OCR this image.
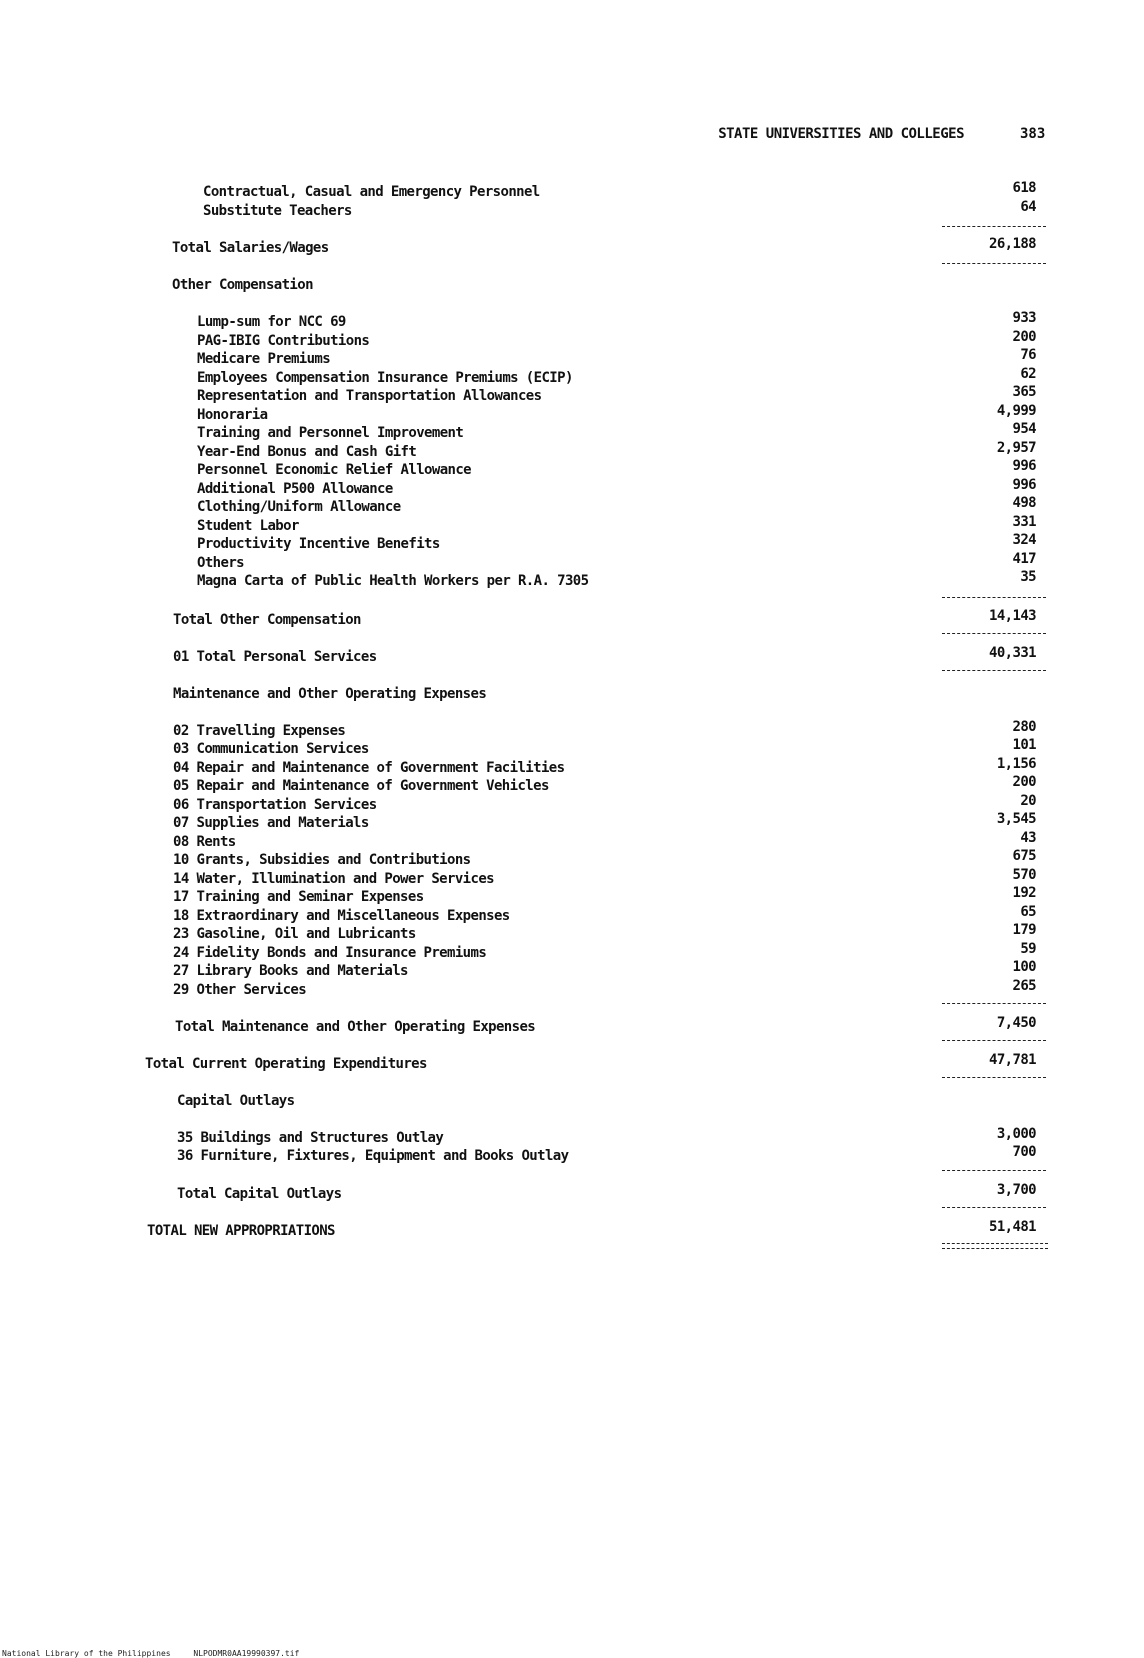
STATE UNIVERSITIES AND COLLEGES	383
Contractual, Casual and Emergency Personnel	618
Substitute Teachers	64
Total Salaries/Wages	26,188
Other Compensation
Lump-sum for NCC 69	933
PAG-IBIG Contributions	200
Medicare Premiums	76
Employees Compensation Insurance Premiums (ECIP)	62
Representation and Transportation Allowances	365
Honoraria	4,999
Training and Personnel Improvement	954
Year-End Bonus and Cash Gift	2,957
Personnel Economic Relief Allowance	996
Additional P500 Allowance	996
Clothing/Uniform Allowance	498
Student Labor	331
Productivity Incentive Benefits	324
Others	417
Magna Carta of Public Health Workers per R.A. 7305	35
Total Other Compensation	14,143
01 Total Personal Services	40,331
Maintenance and Other Operating Expenses
02 Travelling Expenses	280
03 Communication Services	101
04 Repair and Maintenance of Government Facilities	1,156
05 Repair and Maintenance of Government Vehicles	200
06 Transportation Services	20
07 Supplies and Materials	3,545
08 Rents	43
10 Grants, Subsidies and Contributions	675
14 Water, Illumination and Power Services	570
17 Training and Seminar Expenses	192
18 Extraordinary and Miscellaneous Expenses	65
23 Gasoline, Oil and Lubricants	179
24 Fidelity Bonds and Insurance Premiums	59
27 Library Books and Materials	100
29 Other Services	265
Total Maintenance and Other Operating Expenses	7,450
Total Current Operating Expenditures	47,781
Capital Outlays
35 Buildings and Structures Outlay	3,000
36 Furniture, Fixtures, Equipment and Books Outlay	700
Total Capital Outlays	3,700
TOTAL NEW APPROPRIATIONS	51,481
National Library of the Philippines	NLPODMR0AA19990397.tif
